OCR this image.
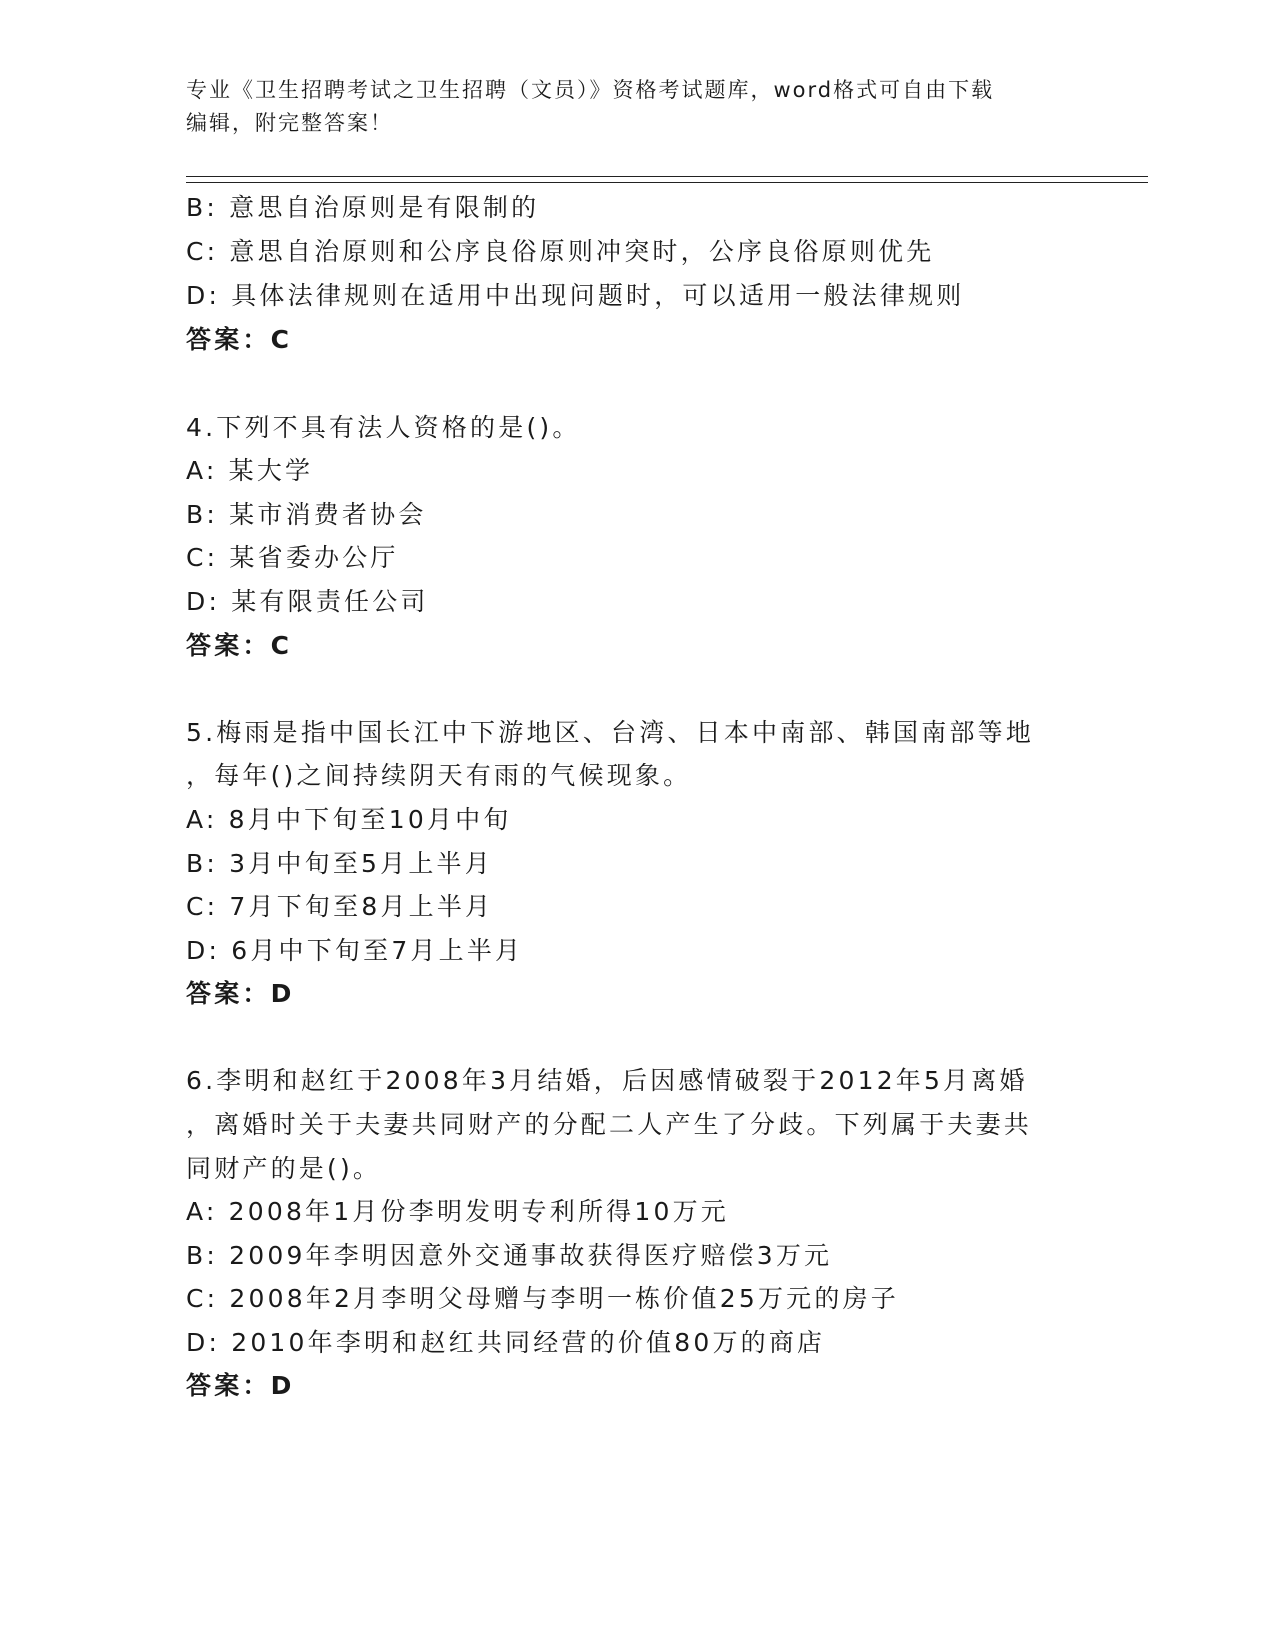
专业《卫生招聘考试之卫生招聘（文员）》资格考试题库，word格式可自由下载
编辑，附完整答案！
B: 意思自治原则是有限制的
C: 意思自治原则和公序良俗原则冲突时，公序良俗原则优先
D: 具体法律规则在适用中出现问题时，可以适用一般法律规则
答案：C
4.下列不具有法人资格的是()。
A: 某大学
B: 某市消费者协会
C: 某省委办公厅
D: 某有限责任公司
答案：C
5.梅雨是指中国长江中下游地区、台湾、日本中南部、韩国南部等地
，每年()之间持续阴天有雨的气候现象。
A: 8月中下旬至10月中旬
B: 3月中旬至5月上半月
C: 7月下旬至8月上半月
D: 6月中下旬至7月上半月
答案：D
6.李明和赵红于2008年3月结婚，后因感情破裂于2012年5月离婚
，离婚时关于夫妻共同财产的分配二人产生了分歧。下列属于夫妻共
同财产的是()。
A: 2008年1月份李明发明专利所得10万元
B: 2009年李明因意外交通事故获得医疗赔偿3万元
C: 2008年2月李明父母赠与李明一栋价值25万元的房子
D: 2010年李明和赵红共同经营的价值80万的商店
答案：D
